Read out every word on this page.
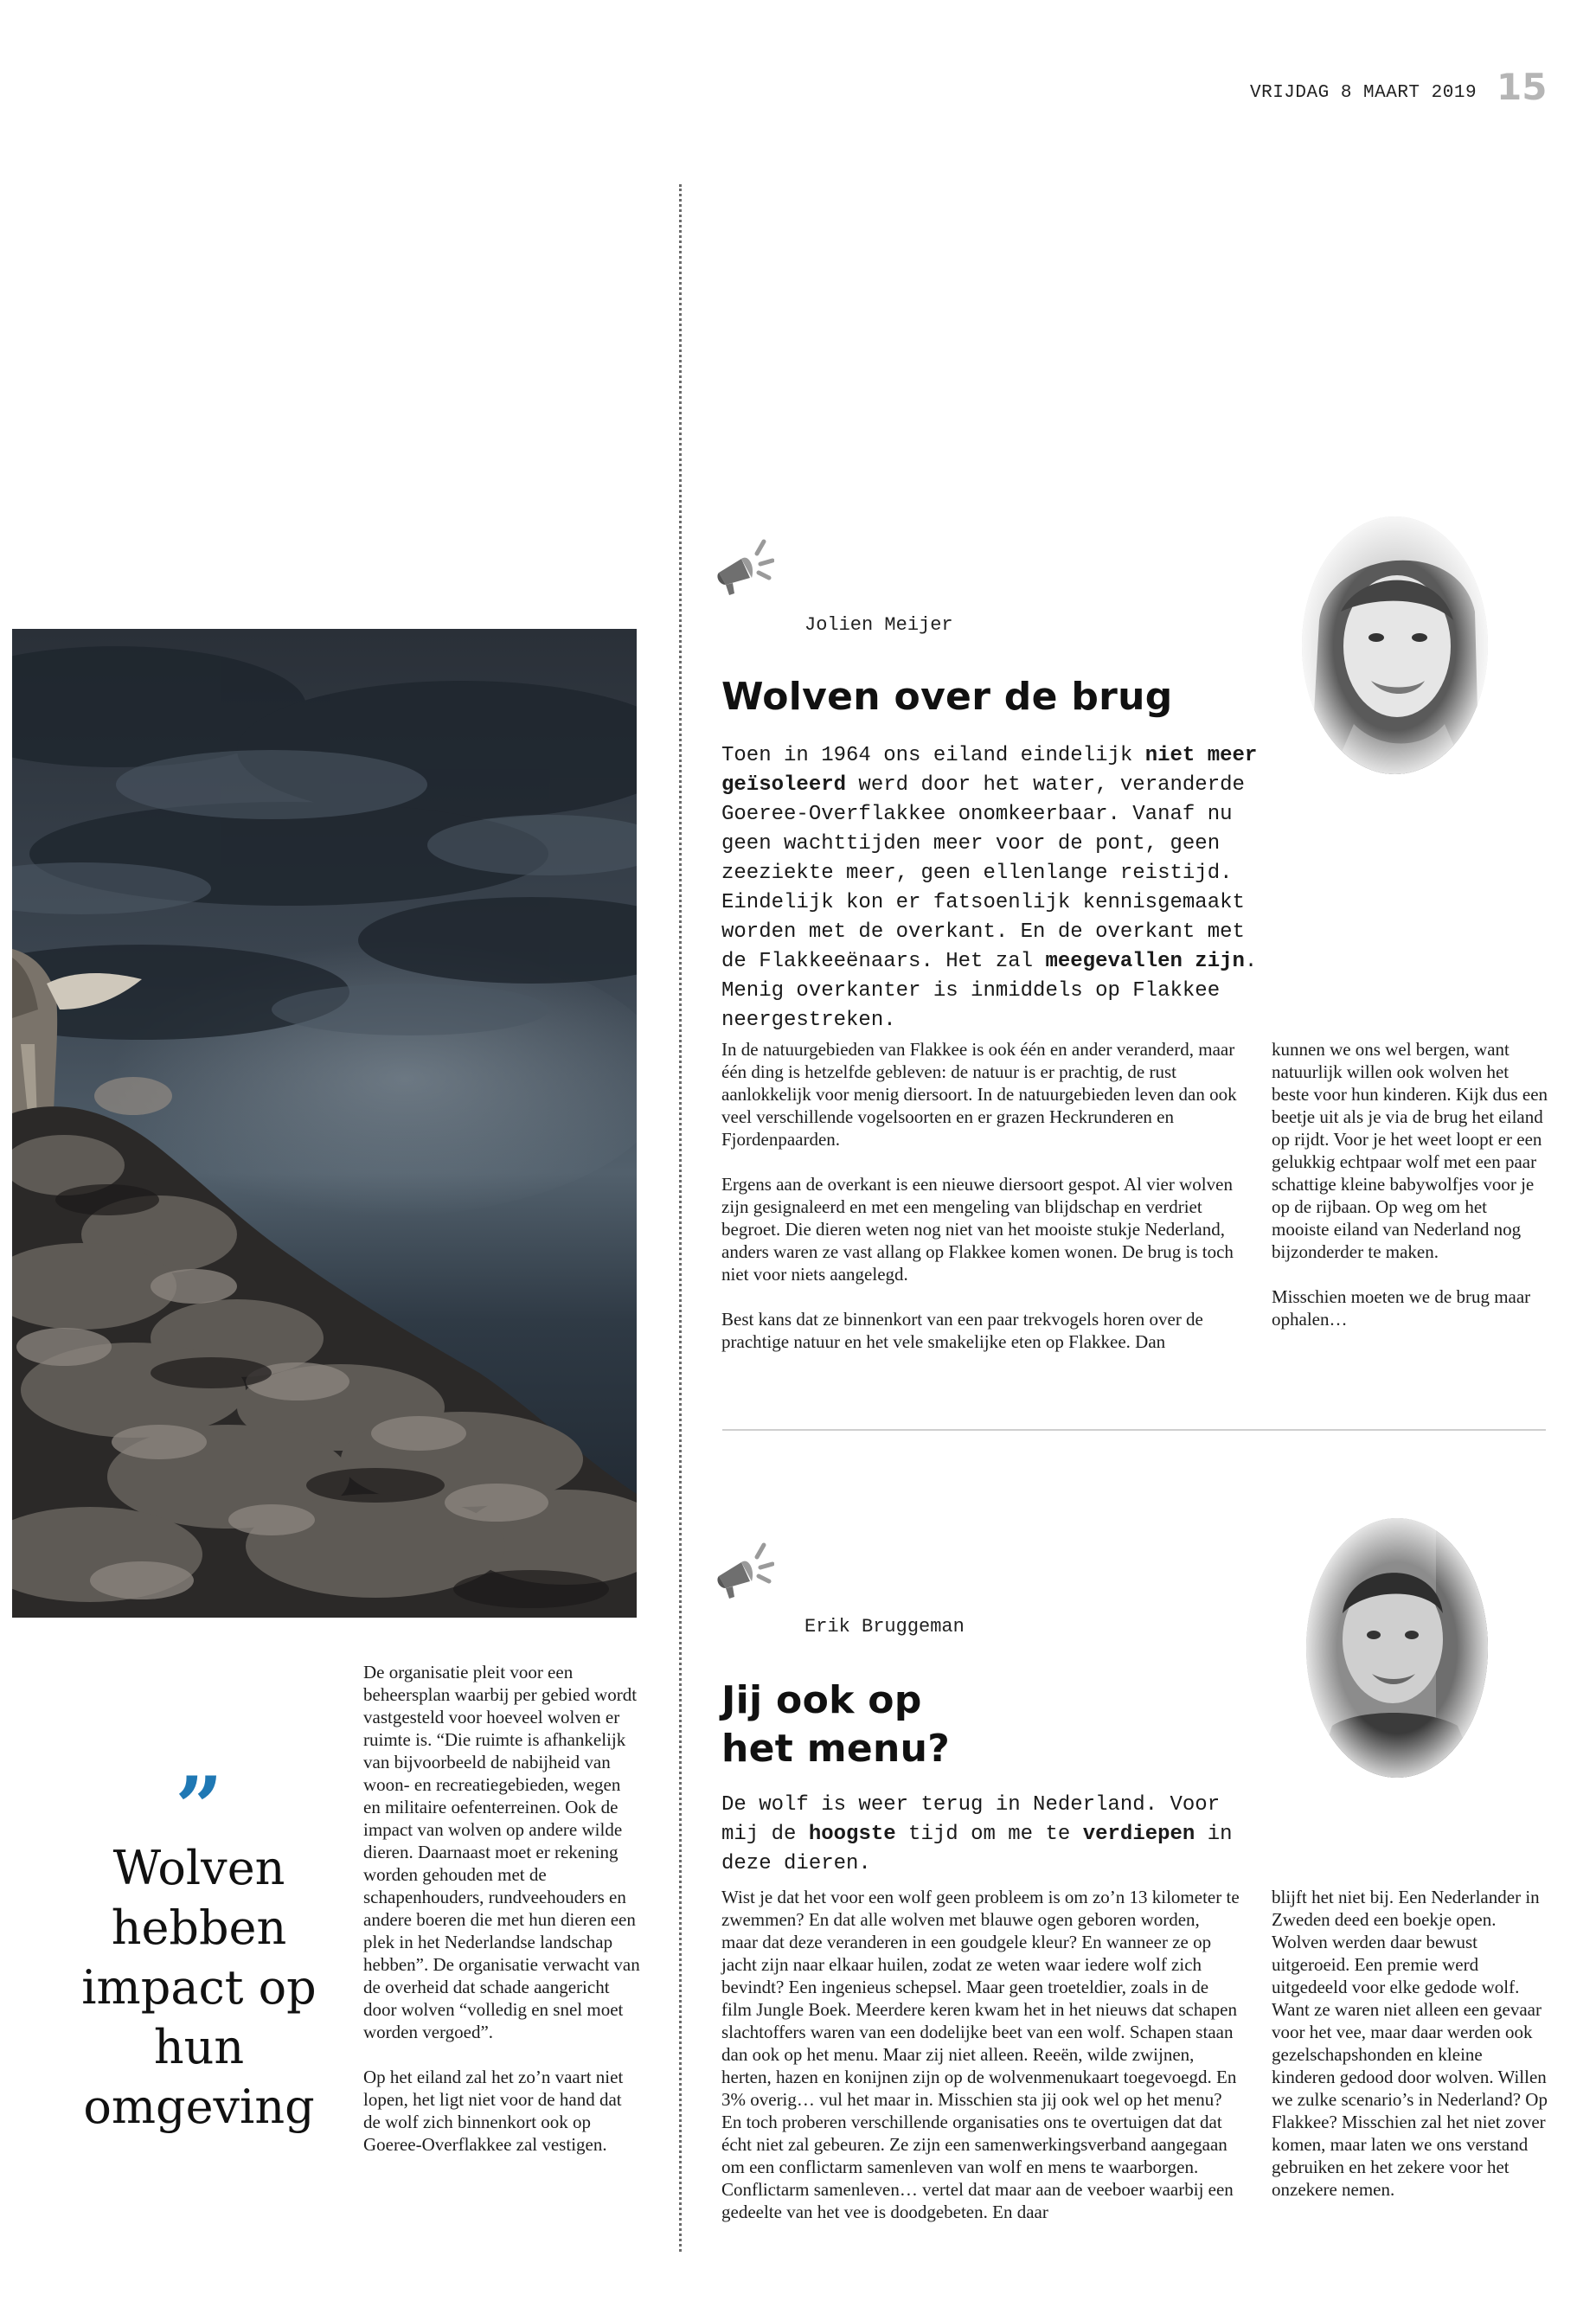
VRIJDAG 8 MAART 2019 15
Jolien Meijer
Wolven over de brug
Toen in 1964 ons eiland eindelijk niet meer geïsoleerd werd door het water, veranderde Goeree-Overflakkee onomkeerbaar. Vanaf nu geen wachttijden meer voor de pont, geen zeeziekte meer, geen ellenlange reistijd. Eindelijk kon er fatsoenlijk kennisgemaakt worden met de overkant. En de overkant met de Flakkeeënaars. Het zal meegevallen zijn. Menig overkanter is inmiddels op Flakkee neergestreken.

In de natuurgebieden van Flakkee is ook één en ander veranderd, maar één ding is hetzelfde gebleven: de natuur is er prachtig, de rust aanlokkelijk voor menig diersoort. In de natuurgebieden leven dan ook veel verschillende vogelsoorten en er grazen Heckrunderen en Fjordenpaarden.

Ergens aan de overkant is een nieuwe diersoort gespot. Al vier wolven zijn gesignaleerd en met een mengeling van blijdschap en verdriet begroet. Die dieren weten nog niet van het mooiste stukje Nederland, anders waren ze vast allang op Flakkee komen wonen. De brug is toch niet voor niets aangelegd.

Best kans dat ze binnenkort van een paar trekvogels horen over de prachtige natuur en het vele smakelijke eten op Flakkee. Dan

kunnen we ons wel bergen, want natuurlijk willen ook wolven het beste voor hun kinderen. Kijk dus een beetje uit als je via de brug het eiland op rijdt. Voor je het weet loopt er een gelukkig echtpaar wolf met een paar schattige kleine babywolfjes voor je op de rijbaan. Op weg om het mooiste eiland van Nederland nog bijzonderder te maken.

Misschien moeten we de brug maar ophalen…

Erik Bruggeman
Jij ook op
het menu?
De wolf is weer terug in Nederland. Voor mij de hoogste tijd om me te verdiepen in deze dieren.

Wist je dat het voor een wolf geen probleem is om zo’n 13 kilometer te zwemmen? En dat alle wolven met blauwe ogen geboren worden, maar dat deze veranderen in een goudgele kleur? En wanneer ze op jacht zijn naar elkaar huilen, zodat ze weten waar iedere wolf zich bevindt? Een ingenieus schepsel. Maar geen troeteldier, zoals in de film Jungle Boek. Meerdere keren kwam het in het nieuws dat schapen slachtoffers waren van een dodelijke beet van een wolf. Schapen staan dan ook op het menu. Maar zij niet alleen. Reeën, wilde zwijnen, herten, hazen en konijnen zijn op de wolvenmenukaart toegevoegd. En 3% overig… vul het maar in. Misschien sta jij ook wel op het menu? En toch proberen verschillende organisaties ons te overtuigen dat dat écht niet zal gebeuren. Ze zijn een samenwerkingsverband aangegaan om een conflictarm samenleven van wolf en mens te waarborgen. Conflictarm samenleven… vertel dat maar aan de veeboer waarbij een gedeelte van het vee is doodgebeten. En daar

blijft het niet bij. Een Nederlander in Zweden deed een boekje open. Wolven werden daar bewust uitgeroeid. Een premie werd uitgedeeld voor elke gedode wolf. Want ze waren niet alleen een gevaar voor het vee, maar daar werden ook gezelschapshonden en kleine kinderen gedood door wolven. Willen we zulke scenario’s in Nederland? Op Flakkee? Misschien zal het niet zover komen, maar laten we ons verstand gebruiken en het zekere voor het onzekere nemen.

”
Wolven hebben impact op hun omgeving

De organisatie pleit voor een beheersplan waarbij per gebied wordt vastgesteld voor hoeveel wolven er ruimte is. “Die ruimte is afhankelijk van bijvoorbeeld de nabijheid van woon- en recreatiegebieden, wegen en militaire oefenterreinen. Ook de impact van wolven op andere wilde dieren. Daarnaast moet er rekening worden gehouden met de schapenhouders, rundveehouders en andere boeren die met hun dieren een plek in het Nederlandse landschap hebben”. De organisatie verwacht van de overheid dat schade aangericht door wolven “volledig en snel moet worden vergoed”.

Op het eiland zal het zo’n vaart niet lopen, het ligt niet voor de hand dat de wolf zich binnenkort ook op Goeree-Overflakkee zal vestigen.
